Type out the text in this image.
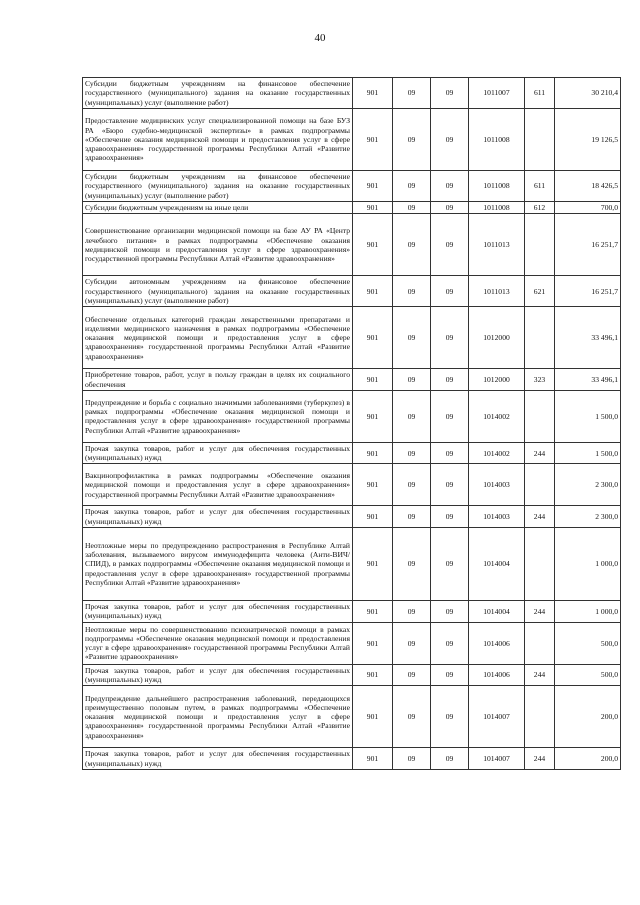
40
Субсидии бюджетным учреждениям на финансовое обеспечение государственного (муниципального) задания на оказание государственных (муниципальных) услуг (выполнение работ)	901	09	09	1011007	611	30 210,4
Предоставление медицинских услуг специализированной помощи на базе БУЗ РА «Бюро судебно-медицинской экспертизы» в рамках подпрограммы «Обеспечение оказания медицинской помощи и предоставления услуг в сфере здравоохранения» государственной программы Республики Алтай «Развитие здравоохранения»	901	09	09	1011008		19 126,5
Субсидии бюджетным учреждениям на финансовое обеспечение государственного (муниципального) задания на оказание государственных (муниципальных) услуг (выполнение работ)	901	09	09	1011008	611	18 426,5
Субсидии бюджетным учреждениям на иные цели	901	09	09	1011008	612	700,0
Совершенствование организации медицинской помощи на базе АУ РА «Центр лечебного питания» в рамках подпрограммы «Обеспечение оказания медицинской помощи и предоставления услуг в сфере здравоохранения» государственной программы Республики Алтай «Развитие здравоохранения»	901	09	09	1011013		16 251,7
Субсидии автономным учреждениям на финансовое обеспечение государственного (муниципального) задания на оказание государственных (муниципальных) услуг (выполнение работ)	901	09	09	1011013	621	16 251,7
Обеспечение отдельных категорий граждан лекарственными препаратами и изделиями медицинского назначения в рамках подпрограммы «Обеспечение оказания медицинской помощи и предоставления услуг в сфере здравоохранения» государственной программы Республики Алтай «Развитие здравоохранения»	901	09	09	1012000		33 496,1
Приобретение товаров, работ, услуг в пользу граждан в целях их социального обеспечения	901	09	09	1012000	323	33 496,1
Предупреждение и борьба с социально значимыми заболеваниями (туберкулез) в рамках подпрограммы «Обеспечение оказания медицинской помощи и предоставления услуг в сфере здравоохранения» государственной программы Республики Алтай «Развитие здравоохранения»	901	09	09	1014002		1 500,0
Прочая закупка товаров, работ и услуг для обеспечения государственных (муниципальных) нужд	901	09	09	1014002	244	1 500,0
Вакцинопрофилактика в рамках подпрограммы «Обеспечение оказания медицинской помощи и предоставления услуг в сфере здравоохранения» государственной программы Республики Алтай «Развитие здравоохранения»	901	09	09	1014003		2 300,0
Прочая закупка товаров, работ и услуг для обеспечения государственных (муниципальных) нужд	901	09	09	1014003	244	2 300,0
Неотложные меры по предупреждению распространения в Республике Алтай заболевания, вызываемого вирусом иммунодефицита человека (Анти-ВИЧ/СПИД), в рамках подпрограммы «Обеспечение оказания медицинской помощи и предоставления услуг в сфере здравоохранения» государственной программы Республики Алтай «Развитие здравоохранения»	901	09	09	1014004		1 000,0
Прочая закупка товаров, работ и услуг для обеспечения государственных (муниципальных) нужд	901	09	09	1014004	244	1 000,0
Неотложные меры по совершенствованию психиатрической помощи в рамках подпрограммы «Обеспечение оказания медицинской помощи и предоставления услуг в сфере здравоохранения» государственной программы Республики Алтай «Развитие здравоохранения»	901	09	09	1014006		500,0
Прочая закупка товаров, работ и услуг для обеспечения государственных (муниципальных) нужд	901	09	09	1014006	244	500,0
Предупреждение дальнейшего распространения заболеваний, передающихся преимущественно половым путем, в рамках подпрограммы «Обеспечение оказания медицинской помощи и предоставления услуг в сфере здравоохранения» государственной программы Республики Алтай «Развитие здравоохранения»	901	09	09	1014007		200,0
Прочая закупка товаров, работ и услуг для обеспечения государственных (муниципальных) нужд	901	09	09	1014007	244	200,0
